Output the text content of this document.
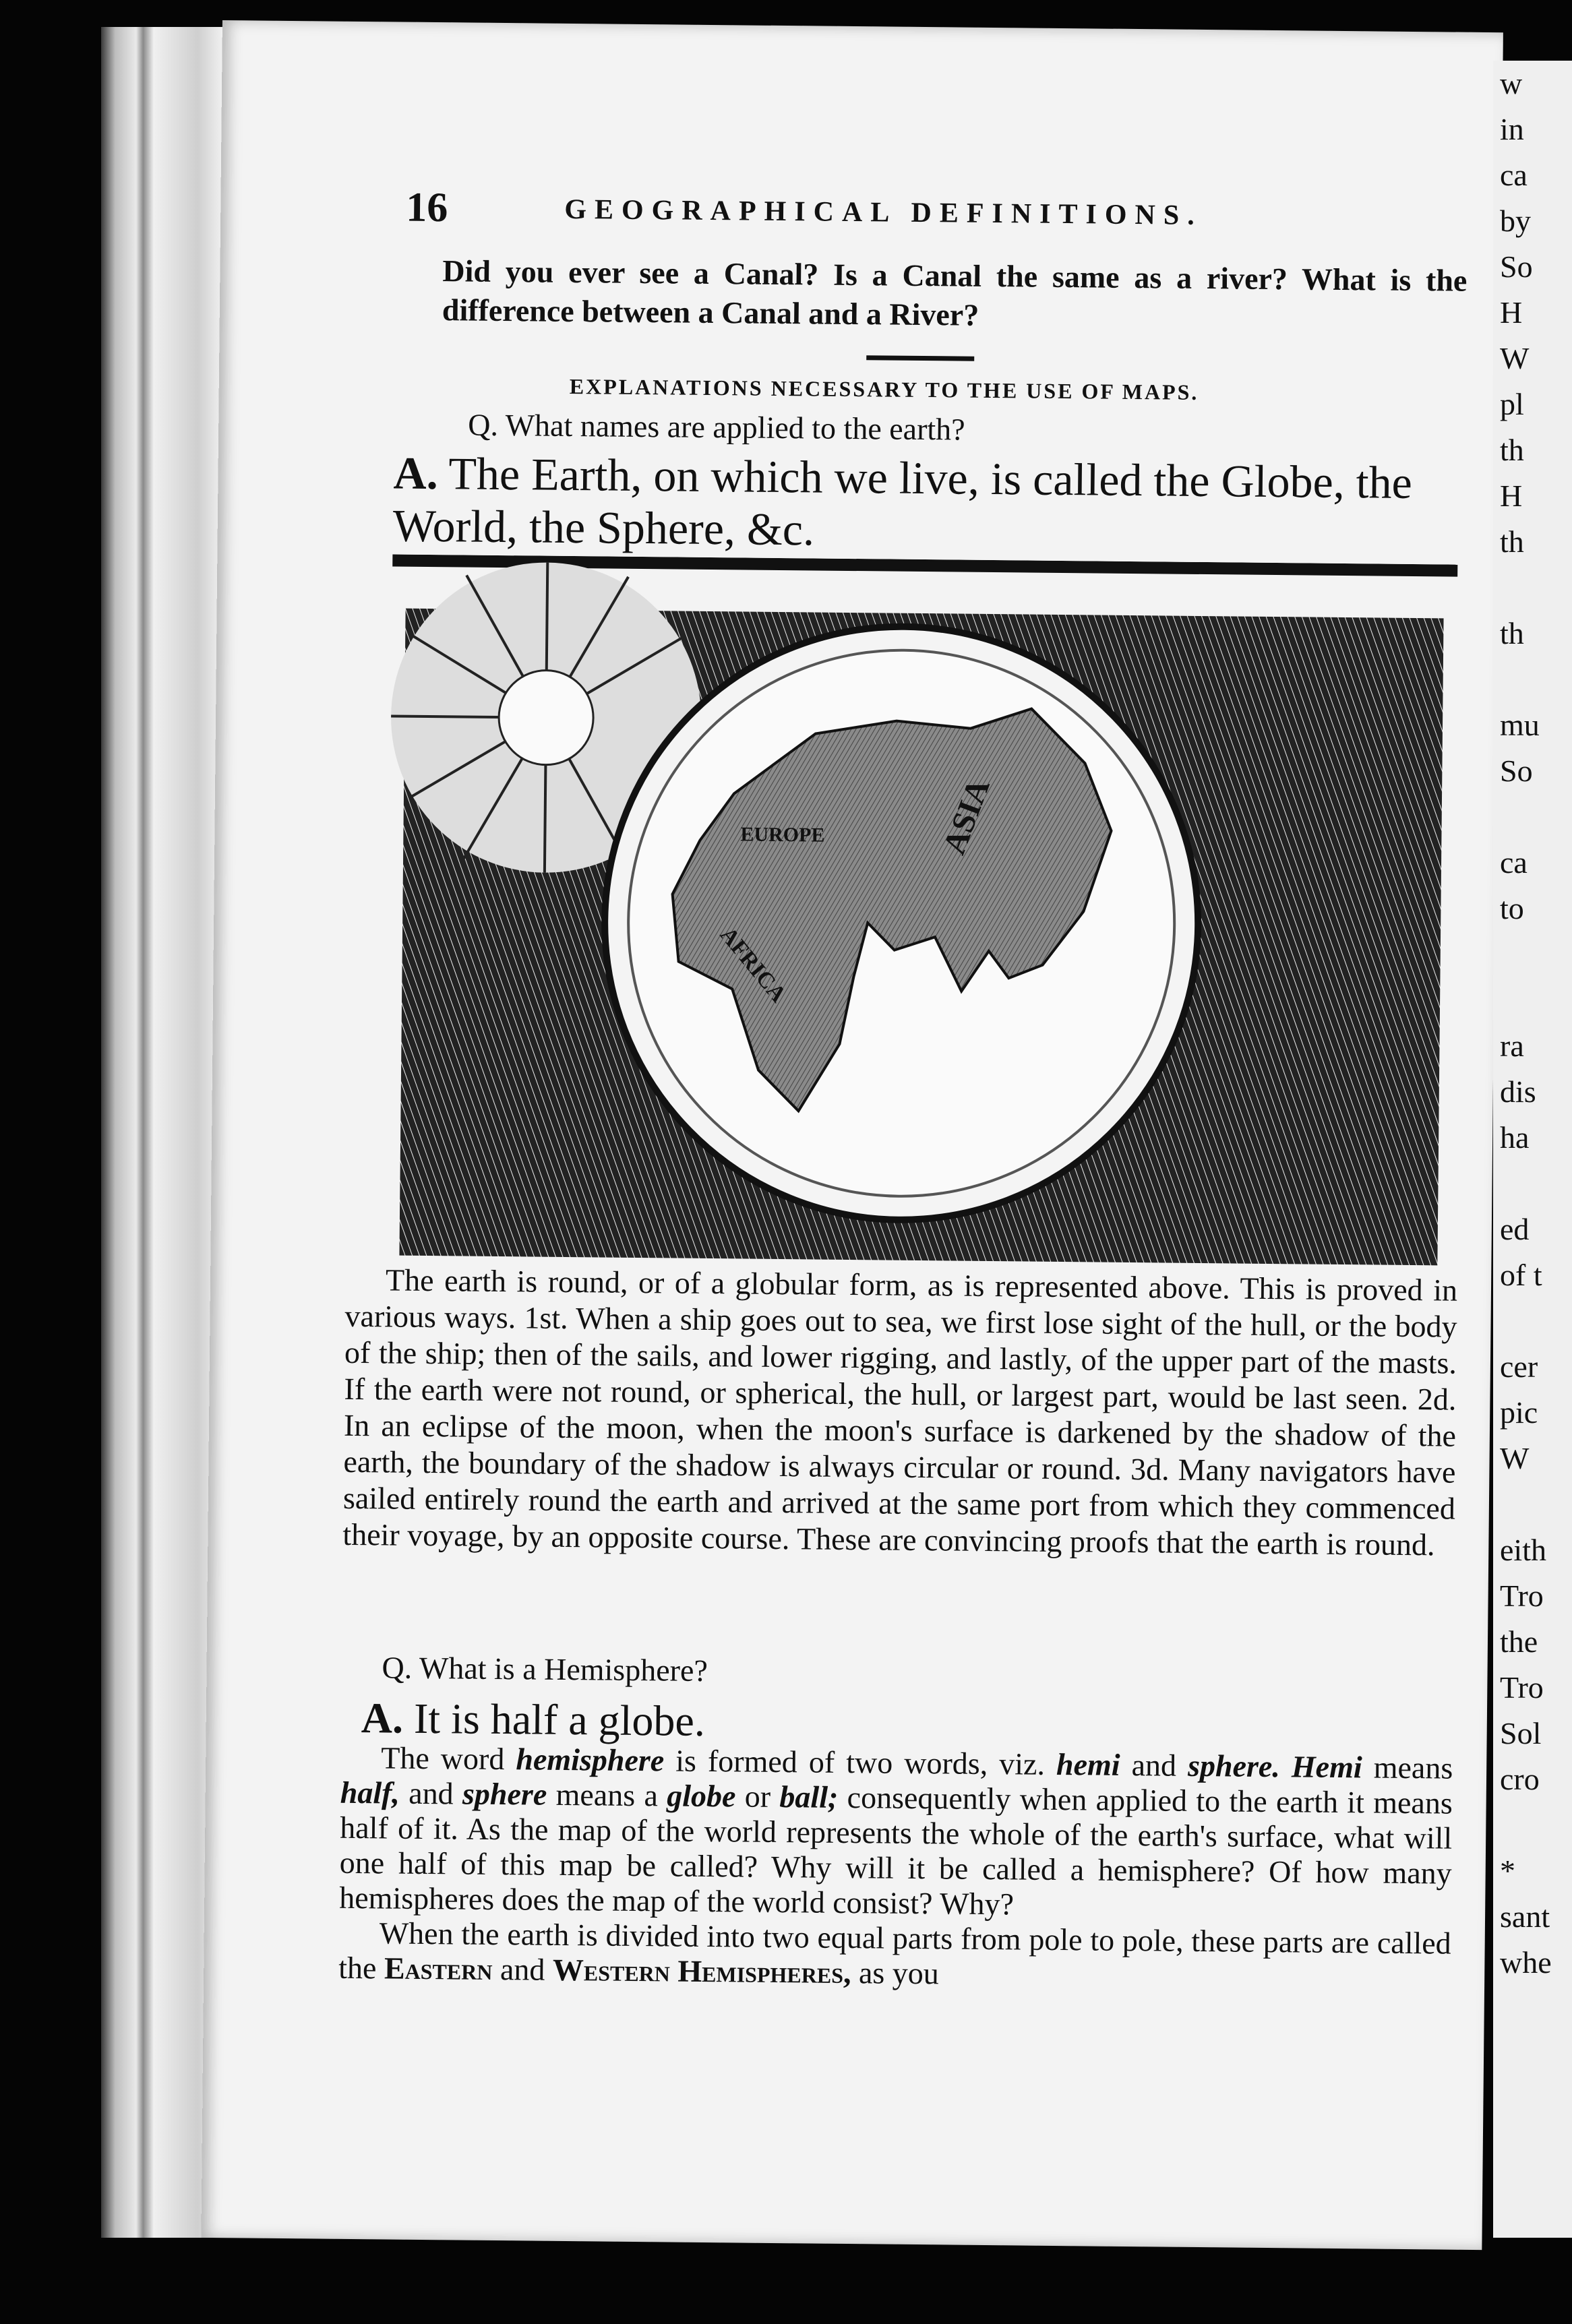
16	GEOGRAPHICAL DEFINITIONS.
Did you ever see a Canal? Is a Canal the same as a river? What is the difference between a Canal and a River?
EXPLANATIONS NECESSARY TO THE USE OF MAPS.
Q. What names are applied to the earth?
A. The Earth, on which we live, is called the Globe, the World, the Sphere, &c.
EUROPE	ASIA
AFRICA

The earth is round, or of a globular form, as is represented above. This is proved in various ways. 1st. When a ship goes out to sea, we first lose sight of the hull, or the body of the ship; then of the sails, and lower rigging, and lastly, of the upper part of the masts. If the earth were not round, or spherical, the hull, or largest part, would be last seen. 2d. In an eclipse of the moon, when the moon's surface is darkened by the shadow of the earth, the boundary of the shadow is always circular or round. 3d. Many navigators have sailed entirely round the earth and arrived at the same port from which they commenced their voyage, by an opposite course. These are convincing proofs that the earth is round.

Q. What is a Hemisphere?
A. It is half a globe.

The word hemisphere is formed of two words, viz. hemi and sphere. Hemi means half, and sphere means a globe or ball; consequently when applied to the earth it means half of it. As the map of the world represents the whole of the earth's surface, what will one half of this map be called? Why will it be called a hemisphere? Of how many hemispheres does the map of the world consist? Why?

When the earth is divided into two equal parts from pole to pole, these parts are called the Eastern and Western Hemispheres, as you

w
in
ca
by
So
H
W
pl
th
H
th

th

mu
So

ca
to

ra
dis
ha

ed
of t

cer
pic
W

eith
Tro
the
Tro
Sol
cro

*
sant
whe
